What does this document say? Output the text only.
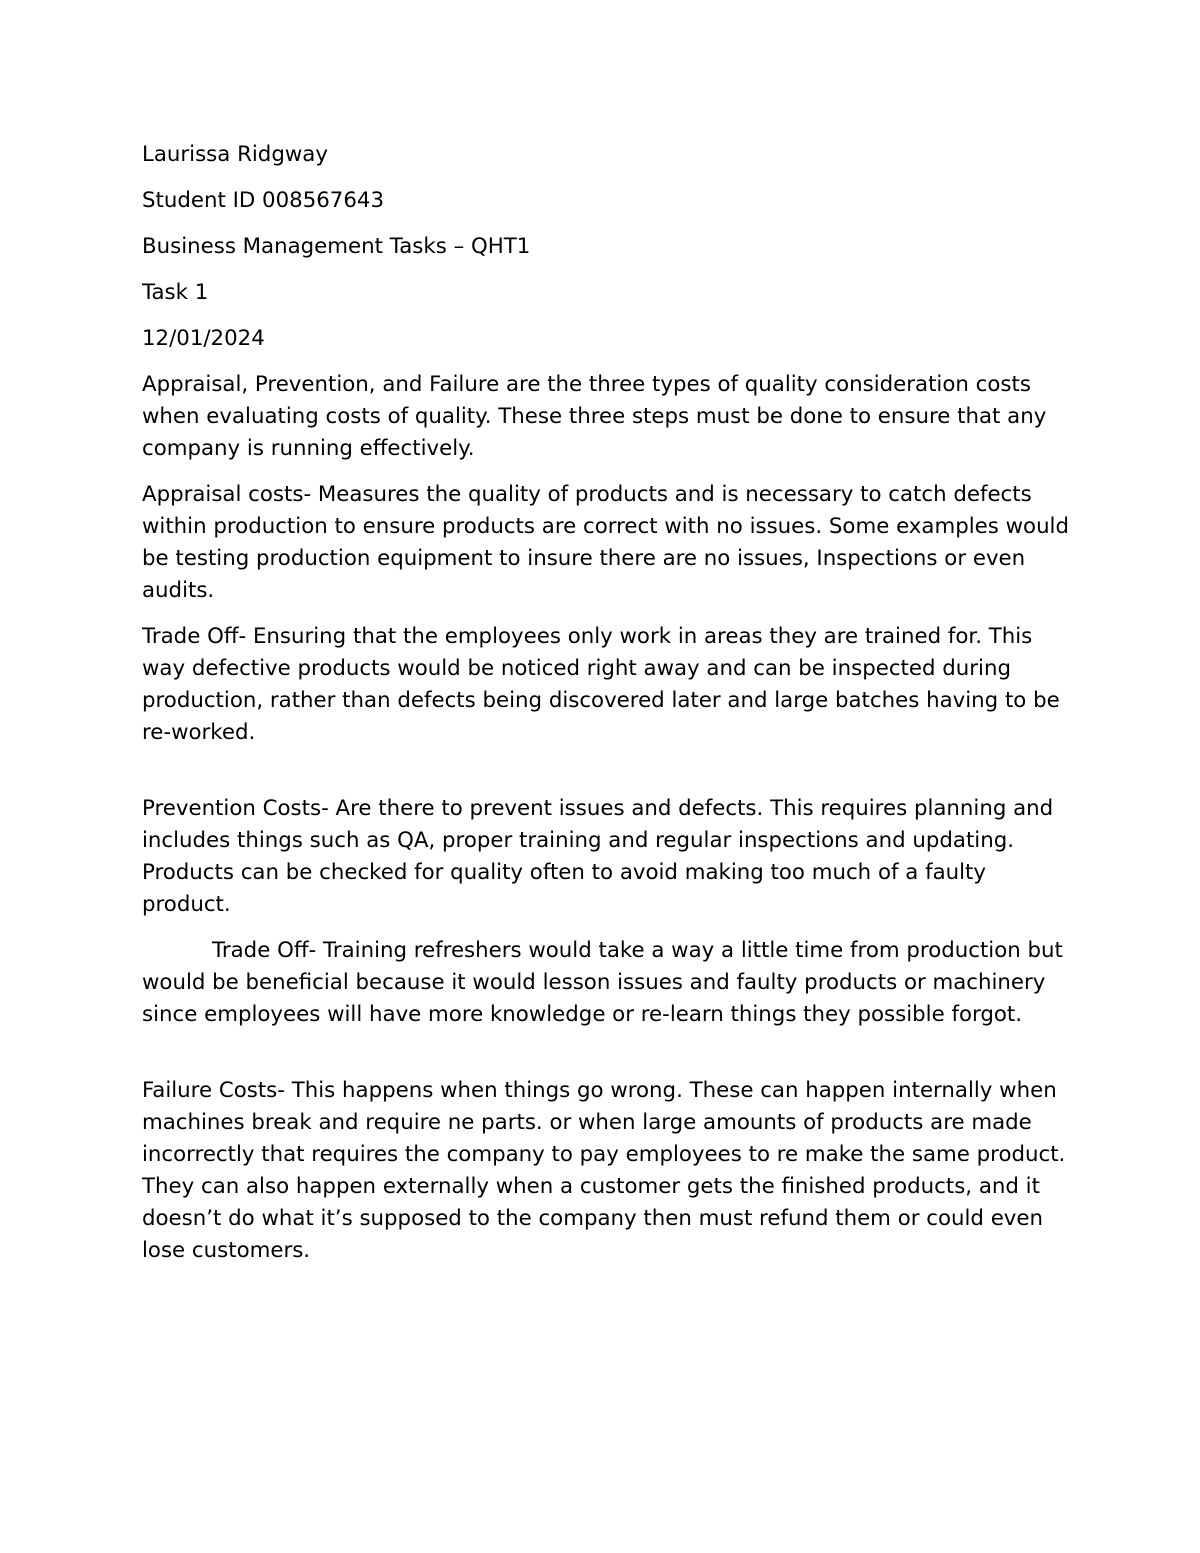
Laurissa Ridgway

Student ID 008567643

Business Management Tasks – QHT1

Task 1

12/01/2024

Appraisal, Prevention, and Failure are the three types of quality consideration costs when evaluating costs of quality. These three steps must be done to ensure that any company is running effectively.

Appraisal costs- Measures the quality of products and is necessary to catch defects within production to ensure products are correct with no issues. Some examples would be testing production equipment to insure there are no issues, Inspections or even audits.

Trade Off- Ensuring that the employees only work in areas they are trained for. This way defective products would be noticed right away and can be inspected during production, rather than defects being discovered later and large batches having to be re-worked.

Prevention Costs- Are there to prevent issues and defects. This requires planning and includes things such as QA, proper training and regular inspections and updating. Products can be checked for quality often to avoid making too much of a faulty product.

Trade Off- Training refreshers would take a way a little time from production but would be beneficial because it would lesson issues and faulty products or machinery since employees will have more knowledge or re-learn things they possible forgot.

Failure Costs- This happens when things go wrong. These can happen internally when machines break and require ne parts. or when large amounts of products are made incorrectly that requires the company to pay employees to re make the same product. They can also happen externally when a customer gets the finished products, and it doesn’t do what it’s supposed to the company then must refund them or could even lose customers.
